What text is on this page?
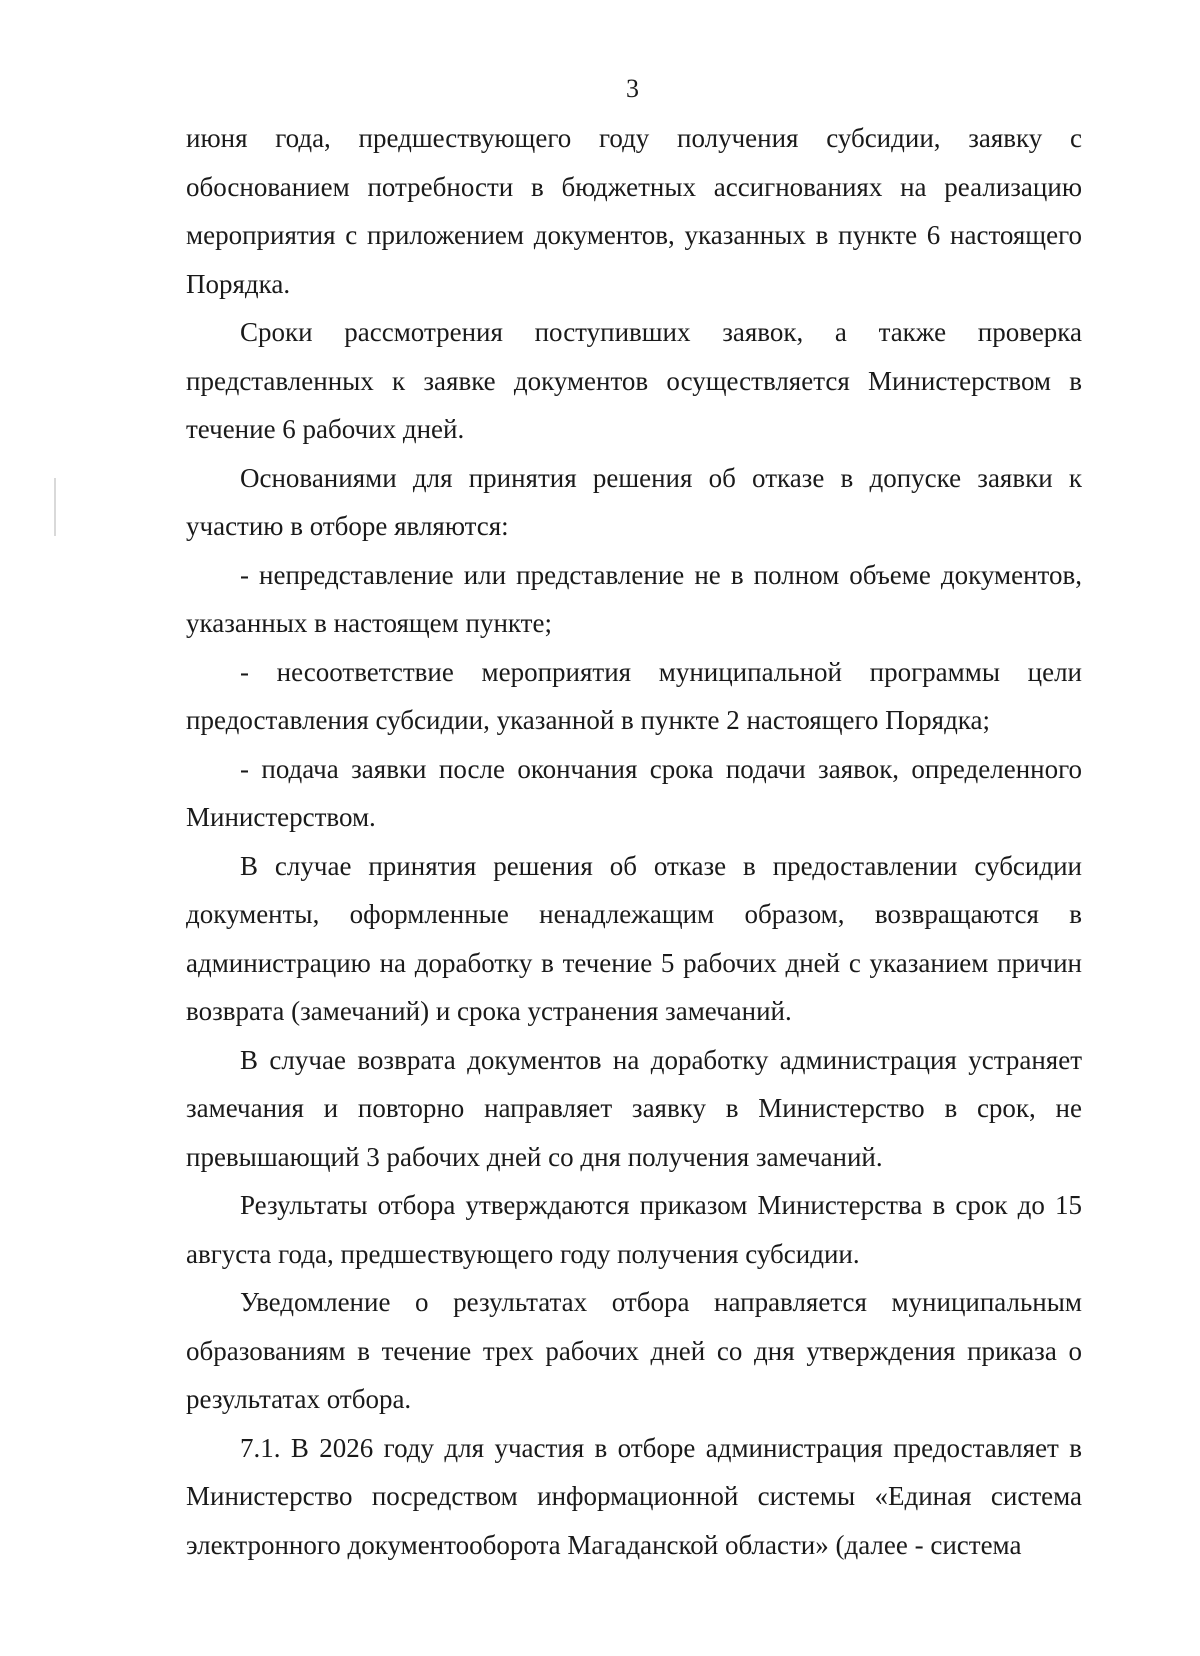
3

июня года, предшествующего году получения субсидии, заявку с обоснованием потребности в бюджетных ассигнованиях на реализацию мероприятия с приложением документов, указанных в пункте 6 настоящего Порядка.

Сроки рассмотрения поступивших заявок, а также проверка представленных к заявке документов осуществляется Министерством в течение 6 рабочих дней.

Основаниями для принятия решения об отказе в допуске заявки к участию в отборе являются:

- непредставление или представление не в полном объеме документов, указанных в настоящем пункте;

- несоответствие мероприятия муниципальной программы цели предоставления субсидии, указанной в пункте 2 настоящего Порядка;

- подача заявки после окончания срока подачи заявок, определенного Министерством.

В случае принятия решения об отказе в предоставлении субсидии документы, оформленные ненадлежащим образом, возвращаются в администрацию на доработку в течение 5 рабочих дней с указанием причин возврата (замечаний) и срока устранения замечаний.

В случае возврата документов на доработку администрация устраняет замечания и повторно направляет заявку в Министерство в срок, не превышающий 3 рабочих дней со дня получения замечаний.

Результаты отбора утверждаются приказом Министерства в срок до 15 августа года, предшествующего году получения субсидии.

Уведомление о результатах отбора направляется муниципальным образованиям в течение трех рабочих дней со дня утверждения приказа о результатах отбора.

7.1. В 2026 году для участия в отборе администрация предоставляет в Министерство посредством информационной системы «Единая система электронного документооборота Магаданской области» (далее - система
